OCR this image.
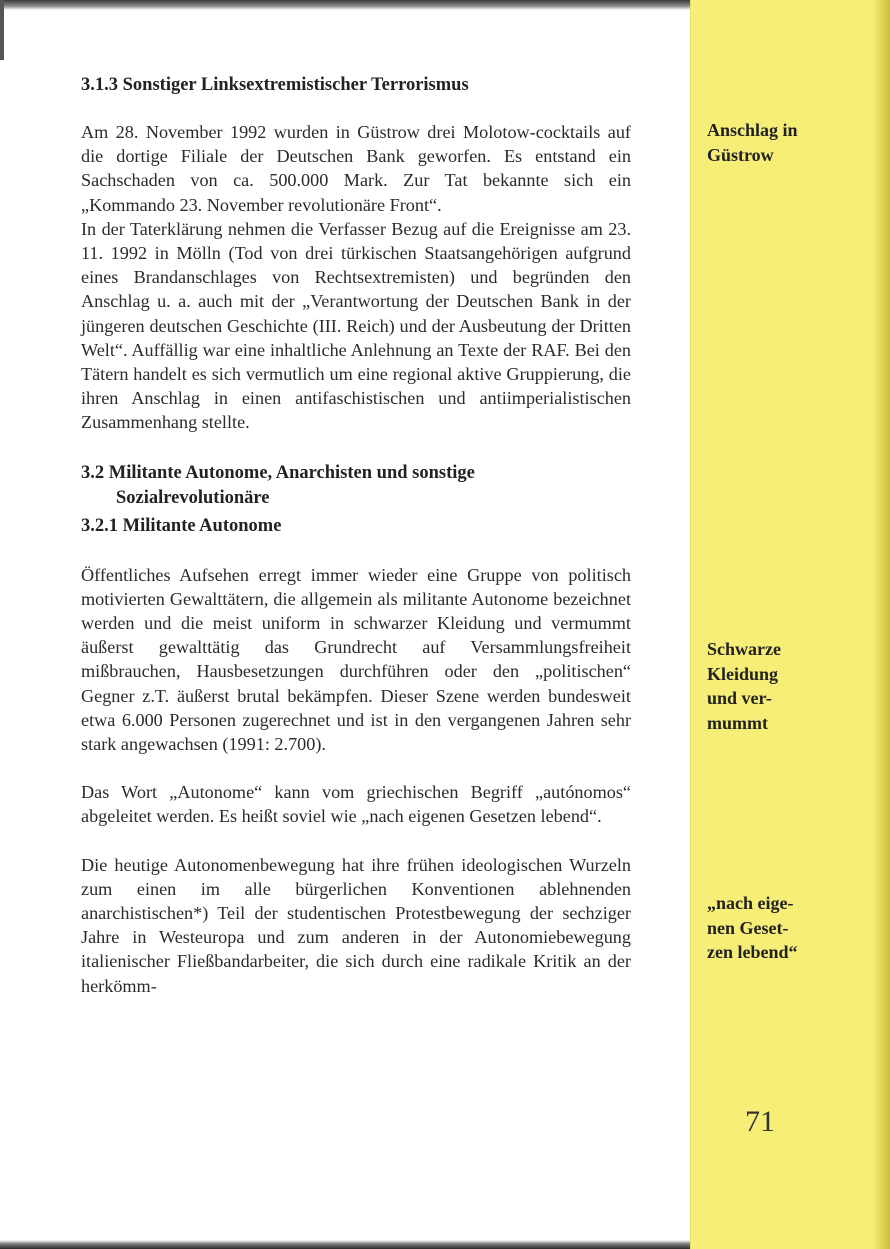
3.1.3 Sonstiger Linksextremistischer Terrorismus

Am 28. November 1992 wurden in Güstrow drei Molotow-cocktails auf die dortige Filiale der Deutschen Bank geworfen. Es entstand ein Sachschaden von ca. 500.000 Mark. Zur Tat bekannte sich ein „Kommando 23. November revolutionäre Front“.

In der Taterklärung nehmen die Verfasser Bezug auf die Ereignisse am 23. 11. 1992 in Mölln (Tod von drei türkischen Staatsangehörigen aufgrund eines Brandanschlages von Rechtsextremisten) und begründen den Anschlag u. a. auch mit der „Verantwortung der Deutschen Bank in der jüngeren deutschen Geschichte (III. Reich) und der Ausbeutung der Dritten Welt“. Auffällig war eine inhaltliche Anlehnung an Texte der RAF. Bei den Tätern handelt es sich vermutlich um eine regional aktive Gruppierung, die ihren Anschlag in einen antifaschistischen und antiimperialistischen Zusammenhang stellte.

3.2 Militante Autonome, Anarchisten und sonstige
Sozialrevolutionäre
3.2.1 Militante Autonome

Öffentliches Aufsehen erregt immer wieder eine Gruppe von politisch motivierten Gewalttätern, die allgemein als militante Autonome bezeichnet werden und die meist uniform in schwarzer Kleidung und vermummt äußerst gewalttätig das Grundrecht auf Versammlungsfreiheit mißbrauchen, Hausbesetzungen durchführen oder den „politischen“ Gegner z.T. äußerst brutal bekämpfen. Dieser Szene werden bundesweit etwa 6.000 Personen zugerechnet und ist in den vergangenen Jahren sehr stark angewachsen (1991: 2.700).

Das Wort „Autonome“ kann vom griechischen Begriff „autónomos“ abgeleitet werden. Es heißt soviel wie „nach eigenen Gesetzen lebend“.

Die heutige Autonomenbewegung hat ihre frühen ideologischen Wurzeln zum einen im alle bürgerlichen Konventionen ablehnenden anarchistischen*) Teil der studentischen Protestbewegung der sechziger Jahre in Westeuropa und zum anderen in der Autonomiebewegung italienischer Fließbandarbeiter, die sich durch eine radikale Kritik an der herkömm-

Anschlag in
Güstrow
Schwarze
Kleidung
und ver-
mummt
„nach eige-
nen Geset-
zen lebend“
71
